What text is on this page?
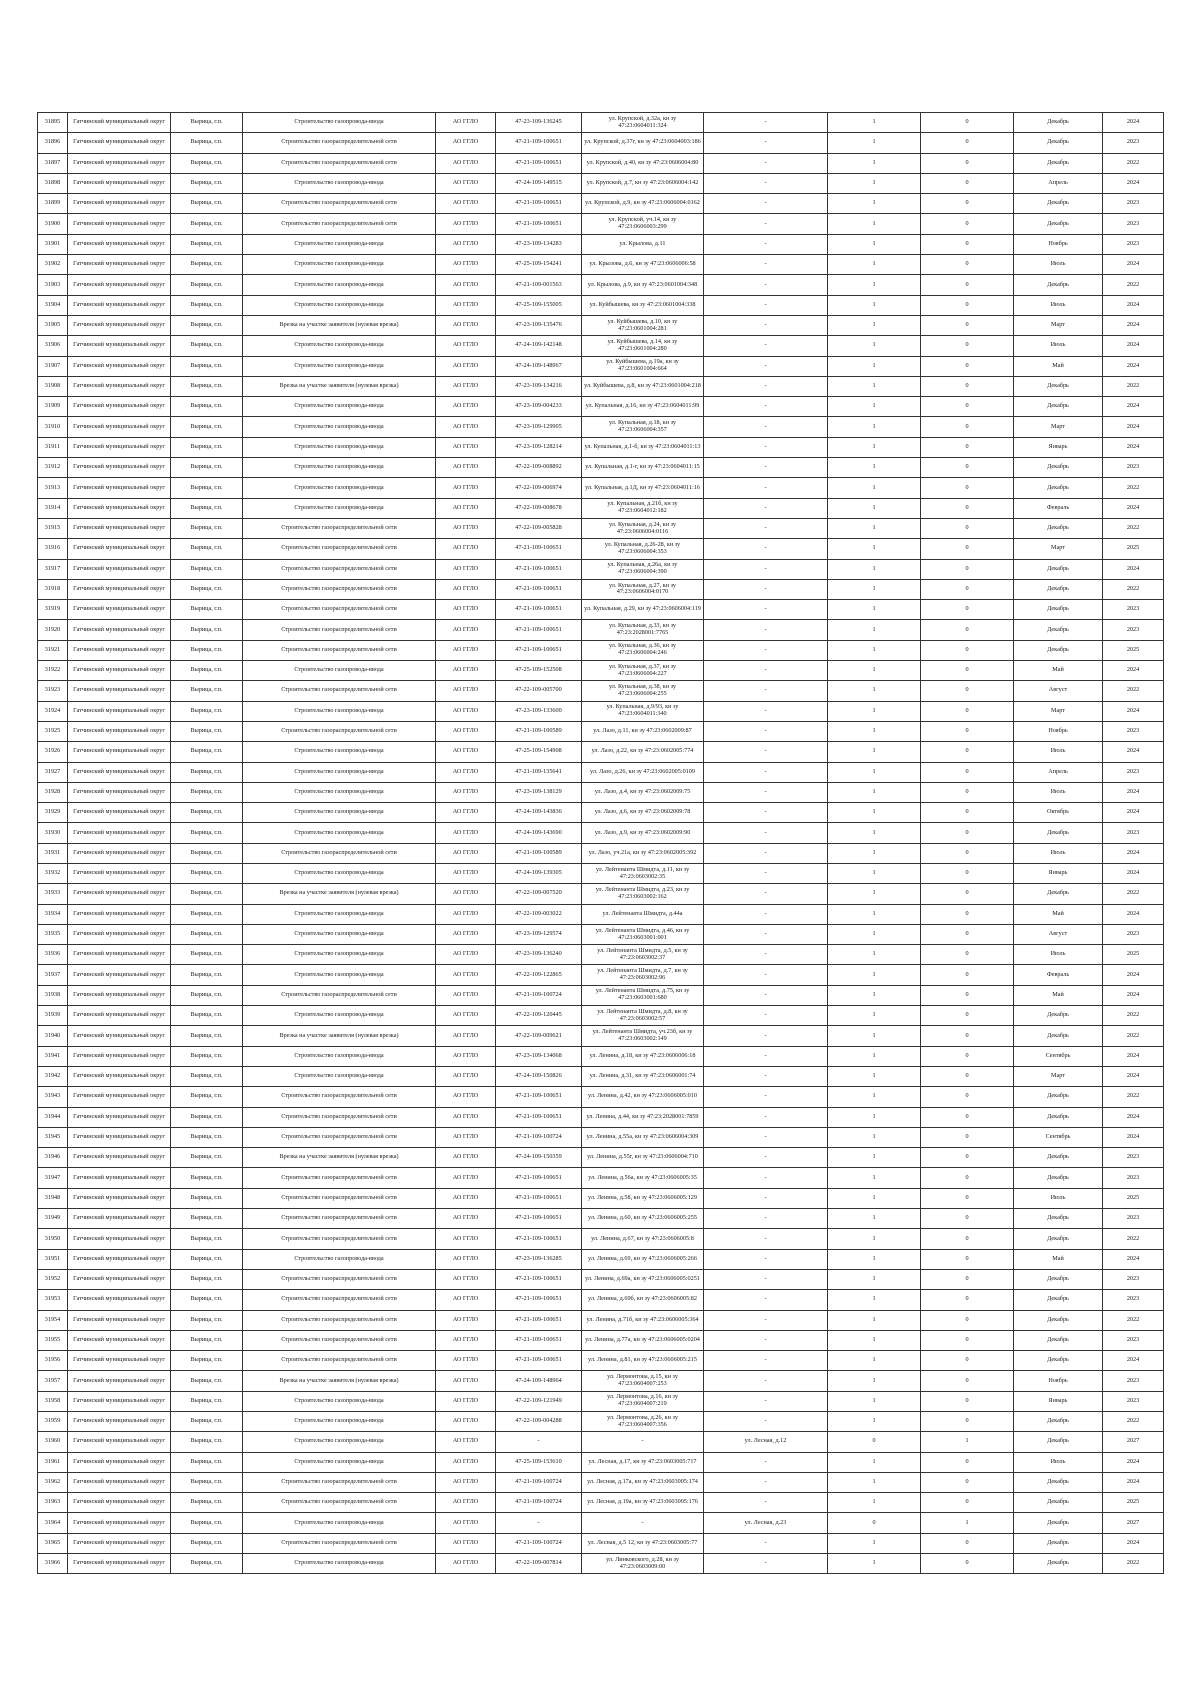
31895	Гатчинский муниципальный округ	Вырица, г.п.	Строительство газопровода-ввода	АО ГГЛО	47-23-109-136245	ул. Крупской, д.32а, кн зу 47:23:0604011:324	-	1	0	Декабрь	2024
31896	Гатчинский муниципальный округ	Вырица, г.п.	Строительство газораспределительной сети	АО ГГЛО	47-21-109-100651	ул. Крупской, д.37г, кн зу 47:23:0604003:186	-	1	0	Декабрь	2023
31897	Гатчинский муниципальный округ	Вырица, г.п.	Строительство газораспределительной сети	АО ГГЛО	47-21-109-100651	ул. Крупской, д.40, кн зу 47:23:0606004:80	-	1	0	Декабрь	2022
31898	Гатчинский муниципальный округ	Вырица, г.п.	Строительство газопровода-ввода	АО ГГЛО	47-24-109-149515	ул. Крупской, д.7, кн зу 47:23:0606004:142	-	1	0	Апрель	2024
31899	Гатчинский муниципальный округ	Вырица, г.п.	Строительство газораспределительной сети	АО ГГЛО	47-21-109-100651	ул. Крупской, д.9, кн зу 47:23:0606004:0162	-	1	0	Декабрь	2023
31900	Гатчинский муниципальный округ	Вырица, г.п.	Строительство газораспределительной сети	АО ГГЛО	47-21-109-100651	ул. Крупской, уч.14, кн зу 47:23:0606003:299	-	1	0	Декабрь	2023
31901	Гатчинский муниципальный округ	Вырица, г.п.	Строительство газопровода-ввода	АО ГГЛО	47-23-109-134283	ул. Крылова, д.11	-	1	0	Ноябрь	2023
31902	Гатчинский муниципальный округ	Вырица, г.п.	Строительство газопровода-ввода	АО ГГЛО	47-25-109-154241	ул. Крылова, д.6, кн зу 47:23:0606006:58	-	1	0	Июль	2024
31903	Гатчинский муниципальный округ	Вырица, г.п.	Строительство газопровода-ввода	АО ГГЛО	47-21-109-001563	ул. Крылова, д.9, кн зу 47:23:0601004:348	-	1	0	Декабрь	2022
31904	Гатчинский муниципальный округ	Вырица, г.п.	Строительство газопровода-ввода	АО ГГЛО	47-25-109-155005	ул. Куйбышева, кн зу 47:23:0601004:338	-	1	0	Июль	2024
31905	Гатчинский муниципальный округ	Вырица, г.п.	Врезка на участке заявителя (нулевая врезка)	АО ГГЛО	47-23-109-135476	ул. Куйбышева, д.10, кн зу 47:23:0601004:281	-	1	0	Март	2024
31906	Гатчинский муниципальный округ	Вырица, г.п.	Строительство газопровода-ввода	АО ГГЛО	47-24-109-142148	ул. Куйбышева, д.14, кн зу 47:23:0601004:280	-	1	0	Июль	2024
31907	Гатчинский муниципальный округ	Вырица, г.п.	Строительство газопровода-ввода	АО ГГЛО	47-24-109-148967	ул. Куйбышева, д.19а, кн зу 47:23:0601004:664	-	1	0	Май	2024
31908	Гатчинский муниципальный округ	Вырица, г.п.	Врезка на участке заявителя (нулевая врезка)	АО ГГЛО	47-23-109-134216	ул. Куйбышева, д.8, кн зу 47:23:0601004:218	-	1	0	Декабрь	2022
31909	Гатчинский муниципальный округ	Вырица, г.п.	Строительство газопровода-ввода	АО ГГЛО	47-23-109-004233	ул. Купальная, д.16, кн зу 47:23:0604011:99	-	1	0	Декабрь	2024
31910	Гатчинский муниципальный округ	Вырица, г.п.	Строительство газопровода-ввода	АО ГГЛО	47-23-109-129905	ул. Купальная, д.18, кн зу 47:23:0606004:357	-	1	0	Март	2024
31911	Гатчинский муниципальный округ	Вырица, г.п.	Строительство газопровода-ввода	АО ГГЛО	47-23-109-128214	ул. Купальная, д.1-б, кн зу 47:23:0604011:13	-	1	0	Январь	2024
31912	Гатчинский муниципальный округ	Вырица, г.п.	Строительство газопровода-ввода	АО ГГЛО	47-22-109-008892	ул. Купальная, д.1-г, кн зу 47:23:0604011:15	-	1	0	Декабрь	2023
31913	Гатчинский муниципальный округ	Вырица, г.п.	Строительство газопровода-ввода	АО ГГЛО	47-22-109-006974	ул. Купальная, д.1Д, кн зу 47:23:0604011:16	-	1	0	Декабрь	2022
31914	Гатчинский муниципальный округ	Вырица, г.п.	Строительство газопровода-ввода	АО ГГЛО	47-22-109-008678	ул. Купальная, д.21б, кн зу 47:23:0604012:182	-	1	0	Февраль	2024
31915	Гатчинский муниципальный округ	Вырица, г.п.	Строительство газораспределительной сети	АО ГГЛО	47-22-109-005828	ул. Купальная, д.24, кн зу 47:23:0606004:0116	-	1	0	Декабрь	2022
31916	Гатчинский муниципальный округ	Вырица, г.п.	Строительство газораспределительной сети	АО ГГЛО	47-21-109-100651	ул. Купальная, д.26-28, кн зу 47:23:0606004:353	-	1	0	Март	2025
31917	Гатчинский муниципальный округ	Вырица, г.п.	Строительство газораспределительной сети	АО ГГЛО	47-21-109-100651	ул. Купальная, д.26а, кн зу 47:23:0606004:390	-	1	0	Декабрь	2024
31918	Гатчинский муниципальный округ	Вырица, г.п.	Строительство газораспределительной сети	АО ГГЛО	47-21-109-100651	ул. Купальная, д.27, кн зу 47:23:0606004:0170	-	1	0	Декабрь	2022
31919	Гатчинский муниципальный округ	Вырица, г.п.	Строительство газораспределительной сети	АО ГГЛО	47-21-109-100651	ул. Купальная, д.29, кн зу 47:23:0606004:119	-	1	0	Декабрь	2023
31920	Гатчинский муниципальный округ	Вырица, г.п.	Строительство газораспределительной сети	АО ГГЛО	47-21-109-100651	ул. Купальная, д.33, кн зу 47:23:2028001:7765	-	1	0	Декабрь	2023
31921	Гатчинский муниципальный округ	Вырица, г.п.	Строительство газораспределительной сети	АО ГГЛО	47-21-109-100651	ул. Купальная, д.36, кн зу 47:23:0606004:246	-	1	0	Декабрь	2025
31922	Гатчинский муниципальный округ	Вырица, г.п.	Строительство газопровода-ввода	АО ГГЛО	47-25-109-152508	ул. Купальная, д.37, кн зу 47:23:0606004:227	-	1	0	Май	2024
31923	Гатчинский муниципальный округ	Вырица, г.п.	Строительство газораспределительной сети	АО ГГЛО	47-22-109-005700	ул. Купальная, д.38, кн зу 47:23:0606004:255	-	1	0	Август	2022
31924	Гатчинский муниципальный округ	Вырица, г.п.	Строительство газопровода-ввода	АО ГГЛО	47-23-109-133600	ул. Купальная, д.9/93, кн зу 47:23:0604011:340	-	1	0	Март	2024
31925	Гатчинский муниципальный округ	Вырица, г.п.	Строительство газораспределительной сети	АО ГГЛО	47-21-109-100589	ул. Лазо, д.11, кн зу 47:23:0602009:87	-	1	0	Ноябрь	2023
31926	Гатчинский муниципальный округ	Вырица, г.п.	Строительство газопровода-ввода	АО ГГЛО	47-25-109-154908	ул. Лазо, д.22, кн зу 47:23:0602005:774	-	1	0	Июль	2024
31927	Гатчинский муниципальный округ	Вырица, г.п.	Строительство газопровода-ввода	АО ГГЛО	47-21-109-135641	ул. Лазо, д.26, кн зу 47:23:0602005:0109	-	1	0	Апрель	2023
31928	Гатчинский муниципальный округ	Вырица, г.п.	Строительство газопровода-ввода	АО ГГЛО	47-23-109-138129	ул. Лазо, д.4, кн зу 47:23:0602009:75	-	1	0	Июль	2024
31929	Гатчинский муниципальный округ	Вырица, г.п.	Строительство газопровода-ввода	АО ГГЛО	47-24-109-143836	ул. Лазо, д.6, кн зу 47:23:0602009:78	-	1	0	Октябрь	2024
31930	Гатчинский муниципальный округ	Вырица, г.п.	Строительство газопровода-ввода	АО ГГЛО	47-24-109-143690	ул. Лазо, д.9, кн зу 47:23:0602009:90	-	1	0	Декабрь	2023
31931	Гатчинский муниципальный округ	Вырица, г.п.	Строительство газораспределительной сети	АО ГГЛО	47-21-109-100589	ул. Лазо, уч.21а, кн зу 47:23:0602005:392	-	1	0	Июль	2024
31932	Гатчинский муниципальный округ	Вырица, г.п.	Строительство газопровода-ввода	АО ГГЛО	47-24-109-139305	ул. Лейтенанта Шмидта, д.11, кн зу 47:23:0603002:35	-	1	0	Январь	2024
31933	Гатчинский муниципальный округ	Вырица, г.п.	Врезка на участке заявителя (нулевая врезка)	АО ГГЛО	47-22-109-007520	ул. Лейтенанта Шмидта, д.23, кн зу 47:23:0603002:162	-	1	0	Декабрь	2022
31934	Гатчинский муниципальный округ	Вырица, г.п.	Строительство газопровода-ввода	АО ГГЛО	47-22-109-003022	ул. Лейтенанта Шмидта, д.44а	-	1	0	Май	2024
31935	Гатчинский муниципальный округ	Вырица, г.п.	Строительство газопровода-ввода	АО ГГЛО	47-23-109-129574	ул. Лейтенанта Шмидта, д.46, кн зу 47:23:0603001:001	-	1	0	Август	2023
31936	Гатчинский муниципальный округ	Вырица, г.п.	Строительство газопровода-ввода	АО ГГЛО	47-23-109-136240	ул. Лейтенанта Шмидта, д.5, кн зу 47:23:0603002:37	-	1	0	Июль	2025
31937	Гатчинский муниципальный округ	Вырица, г.п.	Строительство газопровода-ввода	АО ГГЛО	47-22-109-122865	ул. Лейтенанта Шмидта, д.7, кн зу 47:23:0603002:96	-	1	0	Февраль	2024
31938	Гатчинский муниципальный округ	Вырица, г.п.	Строительство газораспределительной сети	АО ГГЛО	47-21-109-100724	ул. Лейтенанта Шмидта, д.75, кн зу 47:23:0603001:680	-	1	0	Май	2024
31939	Гатчинский муниципальный округ	Вырица, г.п.	Строительство газопровода-ввода	АО ГГЛО	47-22-109-120445	ул. Лейтенанта Шмидта, д.8, кн зу 47:23:0603002:57	-	1	0	Декабрь	2022
31940	Гатчинский муниципальный округ	Вырица, г.п.	Врезка на участке заявителя (нулевая врезка)	АО ГГЛО	47-22-109-009621	ул. Лейтенанта Шмидта, уч.23б, кн зу 47:23:0603002:149	-	1	0	Декабрь	2022
31941	Гатчинский муниципальный округ	Вырица, г.п.	Строительство газопровода-ввода	АО ГГЛО	47-23-109-134068	ул. Ленина, д.18, кн зу 47:23:0606006:18	-	1	0	Сентябрь	2024
31942	Гатчинский муниципальный округ	Вырица, г.п.	Строительство газопровода-ввода	АО ГГЛО	47-24-109-150826	ул. Ленина, д.31, кн зу 47:23:0606001:74	-	1	0	Март	2024
31943	Гатчинский муниципальный округ	Вырица, г.п.	Строительство газораспределительной сети	АО ГГЛО	47-21-109-100651	ул. Ленина, д.42, кн зу 47:23:0606005:010	-	1	0	Декабрь	2022
31944	Гатчинский муниципальный округ	Вырица, г.п.	Строительство газораспределительной сети	АО ГГЛО	47-21-109-100651	ул. Ленина, д.44, кн зу 47:23:2028001:7859	-	1	0	Декабрь	2024
31945	Гатчинский муниципальный округ	Вырица, г.п.	Строительство газораспределительной сети	АО ГГЛО	47-21-109-100724	ул. Ленина, д.55а, кн зу 47:23:0606004:309	-	1	0	Сентябрь	2024
31946	Гатчинский муниципальный округ	Вырица, г.п.	Врезка на участке заявителя (нулевая врезка)	АО ГГЛО	47-24-109-150359	ул. Ленина, д.55г, кн зу 47:23:0606004:710	-	1	0	Декабрь	2023
31947	Гатчинский муниципальный округ	Вырица, г.п.	Строительство газораспределительной сети	АО ГГЛО	47-21-109-100651	ул. Ленина, д.56а, кн зу 47:23:0606005:35	-	1	0	Декабрь	2023
31948	Гатчинский муниципальный округ	Вырица, г.п.	Строительство газораспределительной сети	АО ГГЛО	47-21-109-100651	ул. Ленина, д.58, кн зу 47:23:0606005:129	-	1	0	Июль	2025
31949	Гатчинский муниципальный округ	Вырица, г.п.	Строительство газораспределительной сети	АО ГГЛО	47-21-109-100651	ул. Ленина, д.60, кн зу 47:23:0606005:255	-	1	0	Декабрь	2023
31950	Гатчинский муниципальный округ	Вырица, г.п.	Строительство газораспределительной сети	АО ГГЛО	47-21-109-100651	ул. Ленина, д.67, кн зу 47:23:0606005:8	-	1	0	Декабрь	2022
31951	Гатчинский муниципальный округ	Вырица, г.п.	Строительство газопровода-ввода	АО ГГЛО	47-23-109-136285	ул. Ленина, д.69, кн зу 47:23:0606005:266	-	1	0	Май	2024
31952	Гатчинский муниципальный округ	Вырица, г.п.	Строительство газораспределительной сети	АО ГГЛО	47-21-109-100651	ул. Ленина, д.69а, кн зу 47:23:0606005:0251	-	1	0	Декабрь	2023
31953	Гатчинский муниципальный округ	Вырица, г.п.	Строительство газораспределительной сети	АО ГГЛО	47-21-109-100651	ул. Ленина, д.69б, кн зу 47:23:0606005:82	-	1	0	Декабрь	2023
31954	Гатчинский муниципальный округ	Вырица, г.п.	Строительство газораспределительной сети	АО ГГЛО	47-21-109-100651	ул. Ленина, д.71б, кн зу 47:23:0606005:364	-	1	0	Декабрь	2022
31955	Гатчинский муниципальный округ	Вырица, г.п.	Строительство газораспределительной сети	АО ГГЛО	47-21-109-100651	ул. Ленина, д.77а, кн зу 47:23:0606005:0204	-	1	0	Декабрь	2023
31956	Гатчинский муниципальный округ	Вырица, г.п.	Строительство газораспределительной сети	АО ГГЛО	47-21-109-100651	ул. Ленина, д.81, кн зу 47:23:0606005:215	-	1	0	Декабрь	2024
31957	Гатчинский муниципальный округ	Вырица, г.п.	Врезка на участке заявителя (нулевая врезка)	АО ГГЛО	47-24-109-148964	ул. Лермонтова, д.15, кн зу 47:23:0604007:253	-	1	0	Ноябрь	2023
31958	Гатчинский муниципальный округ	Вырица, г.п.	Строительство газопровода-ввода	АО ГГЛО	47-22-109-121949	ул. Лермонтова, д.16, кн зу 47:23:0604007:219	-	1	0	Январь	2023
31959	Гатчинский муниципальный округ	Вырица, г.п.	Строительство газопровода-ввода	АО ГГЛО	47-22-109-004288	ул. Лермонтова, д.26, кн зу 47:23:0604007:356	-	1	0	Декабрь	2022
31960	Гатчинский муниципальный округ	Вырица, г.п.	Строительство газопровода-ввода	АО ГГЛО	-	-	ул. Лесная, д.12	0	1	Декабрь	2027
31961	Гатчинский муниципальный округ	Вырица, г.п.	Строительство газопровода-ввода	АО ГГЛО	47-25-109-153610	ул. Лесная, д.17, кн зу 47:23:0603005:717	-	1	0	Июль	2024
31962	Гатчинский муниципальный округ	Вырица, г.п.	Строительство газораспределительной сети	АО ГГЛО	47-21-109-100724	ул. Лесная, д.17а, кн зу 47:23:0603005:174	-	1	0	Декабрь	2024
31963	Гатчинский муниципальный округ	Вырица, г.п.	Строительство газораспределительной сети	АО ГГЛО	47-21-109-100724	ул. Лесная, д.19а, кн зу 47:23:0603005:176	-	1	0	Декабрь	2025
31964	Гатчинский муниципальный округ	Вырица, г.п.	Строительство газопровода-ввода	АО ГГЛО	-	-	ул. Лесная, д.23	0	1	Декабрь	2027
31965	Гатчинский муниципальный округ	Вырица, г.п.	Строительство газораспределительной сети	АО ГГЛО	47-21-109-100724	ул. Лесная, д.5 12, кн зу 47:23:0603005:77	-	1	0	Декабрь	2024
31966	Гатчинский муниципальный округ	Вырица, г.п.	Строительство газопровода-ввода	АО ГГЛО	47-22-109-007814	ул. Линковского, д.28, кн зу 47:23:0603009:00	-	1	0	Декабрь	2022
